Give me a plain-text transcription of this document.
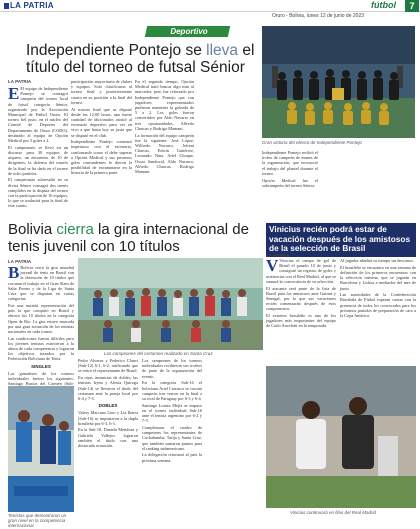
LA PATRIA	fútbol	7
Oruro - Bolivia, lunes 12 de junio de 2023
Deportivo
Independiente Pontejo se lleva el título del torneo de futsal Sénior
LA PATRIA

E El equipo de Independiente Pontejo se consagró campeón del torneo local de futsal categoría Sénior, organizado por la Asociación Municipal de Fútbol Oruro. El torneo fiel justo, en el núcleo del Comité de Deportes del Departamento de Oruro (CODO), destinado al equipo de Opción Medical por 5 goles a 2.

El campeonato se llevó en un discurso para 30 equipos de arquero, un encuentro de 10 de dirigentes; la defensa del triunfo de la final se ha dado en el torneo de ocho partidos.

El campeonato sobresaltó en su divisa Sénior consagró dos meses cumplidos en la disputa del torneo con la participación de 16 equipos, lo que se traducirá para la final de este cuarto.

participación mayoritaria de clubes y equipos. Solo clasificaron al torneo final y posteriormente cuarto en su posición a la final del torneo.

Al mismo final que se disputó desde las 12:00 horas, una fuerte cantidad de aficionados asistió al escenario deportivo para ver en vivo a que hasta hoy su justa que se disputó en el club.

Independiente Pontejo comenzó impetuoso con el escenario, conformado como el debe superar a Opción Medical y sus primeros goles contundentes le dieron la posibilidad de encaminarse en la historia de la primera parte.

En el segundo tiempo, Opción Medical trató buscar algo más al marcador, pero fue reforzado por Independiente Pontejo que con jugadores experimentados pudieron mantener la goleada de 5 a 2. Los goles fueron convertidos por Aldo Navarro en tres oportunidades, Alfredo Charcas y Rodrigo Mamani.

La formación del equipo campeón fue la siguiente: José López, Wilfredo Navarro, Jefrent Charcas, Edwin Gutiérrez, Leonardo Nina, Ariel Choque, Oscar Sandoval, Aldo Navarro, Alfredo Charcas, Rodrigo Mamani.

Independiente Pontejo recibió el trofeo de campeón de manos de la organización, que reconoció el trabajo del plantel durante el torneo.

Opción Medical fue el subcampeón del torneo Sénior.

Gran victoria del elenco de Independiente Pontejo
Bolivia cierra la gira internacional de tenis juvenil con 10 títulos
LA PATRIA

B Bolivia cerró la gira mundial juvenil de tenis en Brasil con la obtención de 10 títulos que coronan el trabajo en el Gran Slam de Salta Pomer y de la Liga de Santa Cruz que se disputan en varias categorías.

Fue una nutrida representación del país la que compitió en Brasil y obtuvo los 10 títulos en la categoría Open de Rio. La gira estuvo marcada por una gran actuación de los tenistas nacionales en cada torneo.

Las condiciones fueron difíciles pero los jóvenes tenistas estuvieron a la altura de cada competencia y lograron los objetivos trazados por la Federación Boliviana de Tenis.

SINGLES

Los ganadores de los torneos individuales fueron los siguientes: Santiago Bustos del Carmen (Sub-

Los campeones del certamen realizado en Santa Cruz

Pedro Alvarez y Federico Claros (Sub-12) 6-1, 6-2, ratificando que se retiró el representante de Brasil.

En otras instancias de dobles, las tenistas Iryna y Alexia Quiroga (Sub-14) se llevaron el título del certamen ante la pareja local por 6-4 y 7-5.

DOBLES

Valery Marcano Lino y Lía Ibarra (Sub-16) se impusieron a la dupla brasileña por 6-3, 6-1.

En la Sub-18, Daniela Mendoza y Gabriela Vallejos lograron también el título con una destacada actuación.

Los campeones de los torneos individuales recibieron sus trofeos de parte de la organización del evento.

En la categoría Sub-14 el boliviano Ariel Carrasco se coronó campeón tras vencer en la final a su rival de Paraguay por 6-3 y 6-4.

Santiago Loaiza Mejía se impuso en el torneo individual Sub-16 ante el tenista argentino por 6-2 y 7-5.

Completaron el cuadro de campeones los representantes de Cochabamba, Tarija y Santa Cruz, que también sumaron puntos para el ranking sudamericano.

La delegación retornará al país la próxima semana.

Tenistas que demostraron un gran nivel en la competencia internacional
Vinicius recién podrá estar de vacación después de los amistosos de la selección de Brasil
LA PATRIA

V Vinicius el campo de gol de Brasil el pasado 10 de junio y consiguió un registro de goles y asistencias con el Real Madrid, al que se sumará la convocatoria de su selección.

El atacante será parte de la lista de Brasil para los amistosos ante Guinea y Senegal, por lo que sus vacaciones recién comenzarán después de esos compromisos.

El extremo brasileño es uno de los jugadores más importantes del equipo de Carlo Ancelotti en la temporada.

Al jugador añadirá su tiempo sin descanso.

El brasileño se encuentra en una semana de definición de los primeros encuentros con la selección interina, que se jugarán en Barcelona y Lisboa a mediados del mes de junio.

Las autoridades de la Confederación Brasileña de Fútbol esperan contar con la presencia de todos los convocados para los próximos partidos de preparación de cara a la Copa América.

Vinicius continuará en filas del Real Madrid
